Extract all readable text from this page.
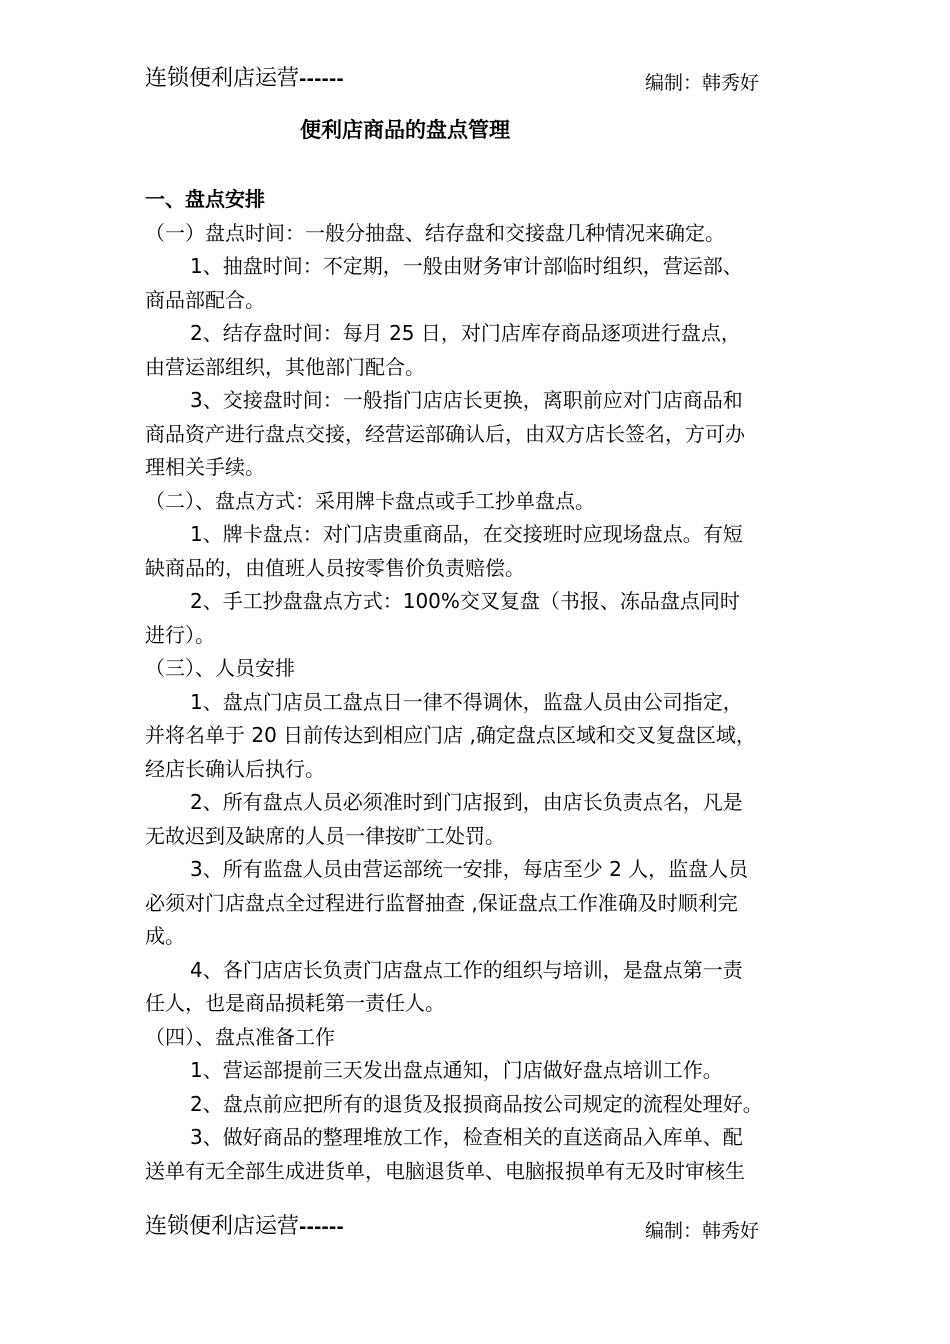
连锁便利店运营------	编制：韩秀好
便利店商品的盘点管理
一、盘点安排
（一）盘点时间：一般分抽盘、结存盘和交接盘几种情况来确定。
1、抽盘时间：不定期，一般由财务审计部临时组织，营运部、
商品部配合。
2、结存盘时间：每月 25 日，对门店库存商品逐项进行盘点，
由营运部组织，其他部门配合。
3、交接盘时间：一般指门店店长更换，离职前应对门店商品和
商品资产进行盘点交接，经营运部确认后，由双方店长签名，方可办
理相关手续。
（二）、盘点方式：采用牌卡盘点或手工抄单盘点。
1、牌卡盘点：对门店贵重商品，在交接班时应现场盘点。有短
缺商品的，由值班人员按零售价负责赔偿。
2、手工抄盘盘点方式：100%交叉复盘（书报、冻品盘点同时
进行）。
（三）、人员安排
1、盘点门店员工盘点日一律不得调休，监盘人员由公司指定，
并将名单于 20 日前传达到相应门店 ,确定盘点区域和交叉复盘区域，
经店长确认后执行。
2、所有盘点人员必须准时到门店报到，由店长负责点名，凡是
无故迟到及缺席的人员一律按旷工处罚。
3、所有监盘人员由营运部统一安排，每店至少 2 人，监盘人员
必须对门店盘点全过程进行监督抽查 ,保证盘点工作准确及时顺利完
成。
4、各门店店长负责门店盘点工作的组织与培训，是盘点第一责
任人，也是商品损耗第一责任人。
（四）、盘点准备工作
1、营运部提前三天发出盘点通知，门店做好盘点培训工作。
2、盘点前应把所有的退货及报损商品按公司规定的流程处理好。
3、做好商品的整理堆放工作，检查相关的直送商品入库单、配
送单有无全部生成进货单，电脑退货单、电脑报损单有无及时审核生
连锁便利店运营------	编制：韩秀好
